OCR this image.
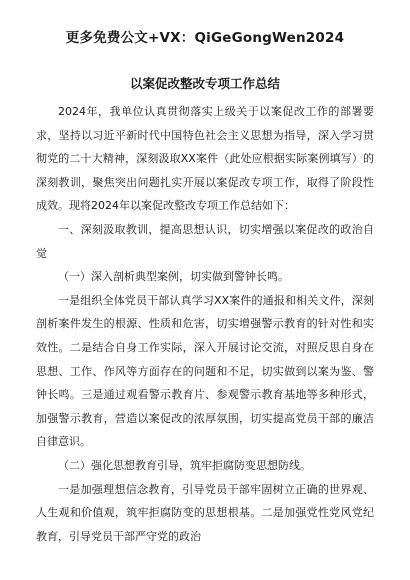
更多免费公文+VX：QiGeGongWen2024
以案促改整改专项工作总结

2024年，我单位认真贯彻落实上级关于以案促改工作的部署要求，坚持以习近平新时代中国特色社会主义思想为指导，深入学习贯彻党的二十大精神，深刻汲取XX案件（此处应根据实际案例填写）的深刻教训，聚焦突出问题扎实开展以案促改专项工作，取得了阶段性成效。现将2024年以案促改整改专项工作总结如下：

一、深刻汲取教训，提高思想认识，切实增强以案促改的政治自觉

（一）深入剖析典型案例，切实做到警钟长鸣。

一是组织全体党员干部认真学习XX案件的通报和相关文件，深刻剖析案件发生的根源、性质和危害，切实增强警示教育的针对性和实效性。二是结合自身工作实际，深入开展讨论交流，对照反思自身在思想、工作、作风等方面存在的问题和不足，切实做到以案为鉴、警钟长鸣。三是通过观看警示教育片、参观警示教育基地等多种形式，加强警示教育，营造以案促改的浓厚氛围，切实提高党员干部的廉洁自律意识。

（二）强化思想教育引导，筑牢拒腐防变思想防线。

一是加强理想信念教育，引导党员干部牢固树立正确的世界观、人生观和价值观，筑牢拒腐防变的思想根基。二是加强党性党风党纪教育，引导党员干部严守党的政治
